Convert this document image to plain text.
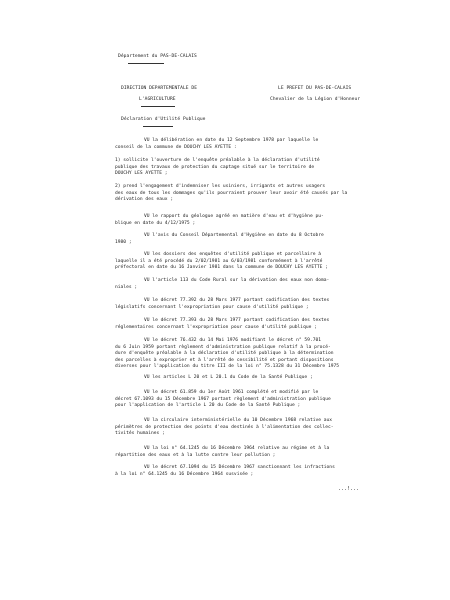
Département du PAS-DE-CALAIS
DIRECTION DEPARTEMENTALE DE
L'AGRICULTURE
Déclaration d'Utilité Publique
LE PREFET DU PAS-DE-CALAIS
Chevalier de la Légion d'Honneur
VU la délibération en date du 12 Septembre 1978 par laquelle le
conseil de la commune de DOUCHY LES AYETTE :
1) sollicite l'ouverture de l'enquête préalable à la déclaration d'utilité
publique des travaux de protection du captage situé sur le territoire de
DOUCHY LES AYETTE ;
2) prend l'engagement d'indemniser les usiniers, irrigants et autres usagers
des eaux de tous les dommages qu'ils pourraient prouver leur avoir été causés par la
dérivation des eaux ;
VU le rapport du géologue agréé en matière d'eau et d'hygiène pu-
blique en date du 4/12/1975 ;
VU l'avis du Conseil Départemental d'Hygiène en date du 8 Octobre
1980 ;
VU les dossiers des enquêtes d'utilité publique et parcellaire à
laquelle il a été procédé du 2/02/1981 au 6/03/1981 conformément à l'arrêté
préfectoral en date du 16 Janvier 1981 dans la commune de DOUCHY LES AYETTE ;
VU l'article 113 du Code Rural sur la dérivation des eaux non doma-
niales ;
VU le décret 77.392 du 28 Mars 1977 portant codification des textes
législatifs concernant l'expropriation pour cause d'utilité publique ;
VU le décret 77.393 du 28 Mars 1977 portant codification des textes
réglementaires concernant l'expropriation pour cause d'utilité publique ;
VU le décret 76.432 du 14 Mai 1976 modifiant le décret n° 59.701
du 6 Juin 1959 portant règlement d'administration publique relatif à la procé-
dure d'enquête préalable à la déclaration d'utilité publique à la détermination
des parcelles à exproprier et à l'arrêté de cessibilité et portant dispositions
diverses pour l'application du titre III de la loi n° 75.1328 du 31 Décembre 1975
VU les articles L 20 et L 20.1 du Code de la Santé Publique ;
VU le décret 61.859 du 1er Août 1961 complété et modifié par le
décret 67.1093 du 15 Décembre 1967 portant règlement d'administration publique
pour l'application de l'article L 20 du Code de la Santé Publique ;
VU la circulaire interministérielle du 10 Décembre 1968 relative aux
périmètres de protection des points d'eau destinés à l'alimentation des collec-
tivités humaines ;
VU la loi n° 64.1245 du 16 Décembre 1964 relative au régime et à la
répartition des eaux et à la lutte contre leur pollution ;
VU le décret 67.1094 du 15 Décembre 1967 sanctionnant les infractions
à la loi n° 64.1245 du 16 Décembre 1964 susvisée ;
...!...
